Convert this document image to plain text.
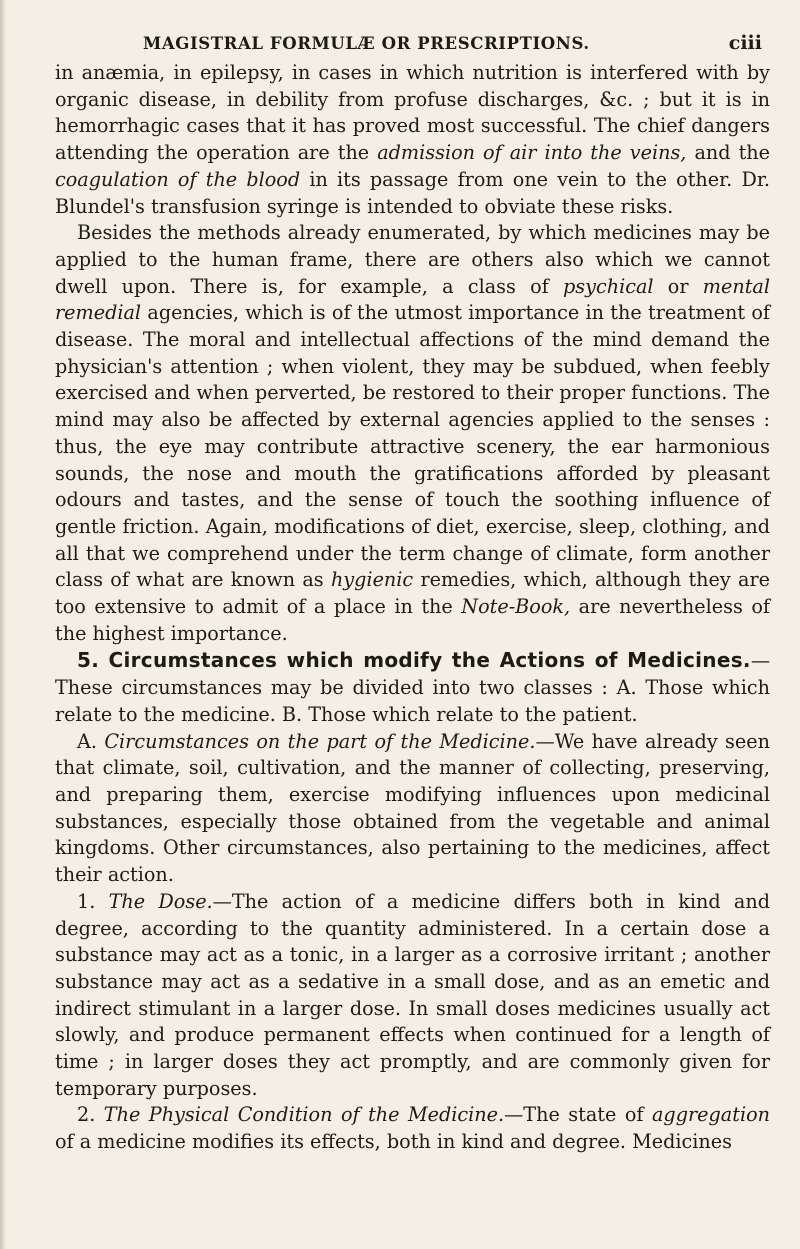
MAGISTRAL FORMULÆ OR PRESCRIPTIONS.	ciii

in anæmia, in epilepsy, in cases in which nutrition is interfered with by organic disease, in debility from profuse discharges, &c. ; but it is in hemorrhagic cases that it has proved most successful. The chief dangers attending the operation are the admission of air into the veins, and the coagulation of the blood in its passage from one vein to the other. Dr. Blundel's transfusion syringe is intended to obviate these risks.

Besides the methods already enumerated, by which medicines may be applied to the human frame, there are others also which we cannot dwell upon. There is, for example, a class of psychical or mental remedial agencies, which is of the utmost importance in the treatment of disease. The moral and intellectual affections of the mind demand the physician's attention ; when violent, they may be subdued, when feebly exercised and when perverted, be restored to their proper functions. The mind may also be affected by external agencies applied to the senses : thus, the eye may contribute attractive scenery, the ear harmonious sounds, the nose and mouth the gratifications afforded by pleasant odours and tastes, and the sense of touch the soothing influence of gentle friction. Again, modifications of diet, exercise, sleep, clothing, and all that we comprehend under the term change of climate, form another class of what are known as hygienic remedies, which, although they are too extensive to admit of a place in the Note-Book, are nevertheless of the highest importance.

5. Circumstances which modify the Actions of Medicines.—These circumstances may be divided into two classes : A. Those which relate to the medicine. B. Those which relate to the patient.

A. Circumstances on the part of the Medicine.—We have already seen that climate, soil, cultivation, and the manner of collecting, preserving, and preparing them, exercise modifying influences upon medicinal substances, especially those obtained from the vegetable and animal kingdoms. Other circumstances, also pertaining to the medicines, affect their action.

1. The Dose.—The action of a medicine differs both in kind and degree, according to the quantity administered. In a certain dose a substance may act as a tonic, in a larger as a corrosive irritant ; another substance may act as a sedative in a small dose, and as an emetic and indirect stimulant in a larger dose. In small doses medicines usually act slowly, and produce permanent effects when continued for a length of time ; in larger doses they act promptly, and are commonly given for temporary purposes.

2. The Physical Condition of the Medicine.—The state of aggregation of a medicine modifies its effects, both in kind and degree. Medicines
